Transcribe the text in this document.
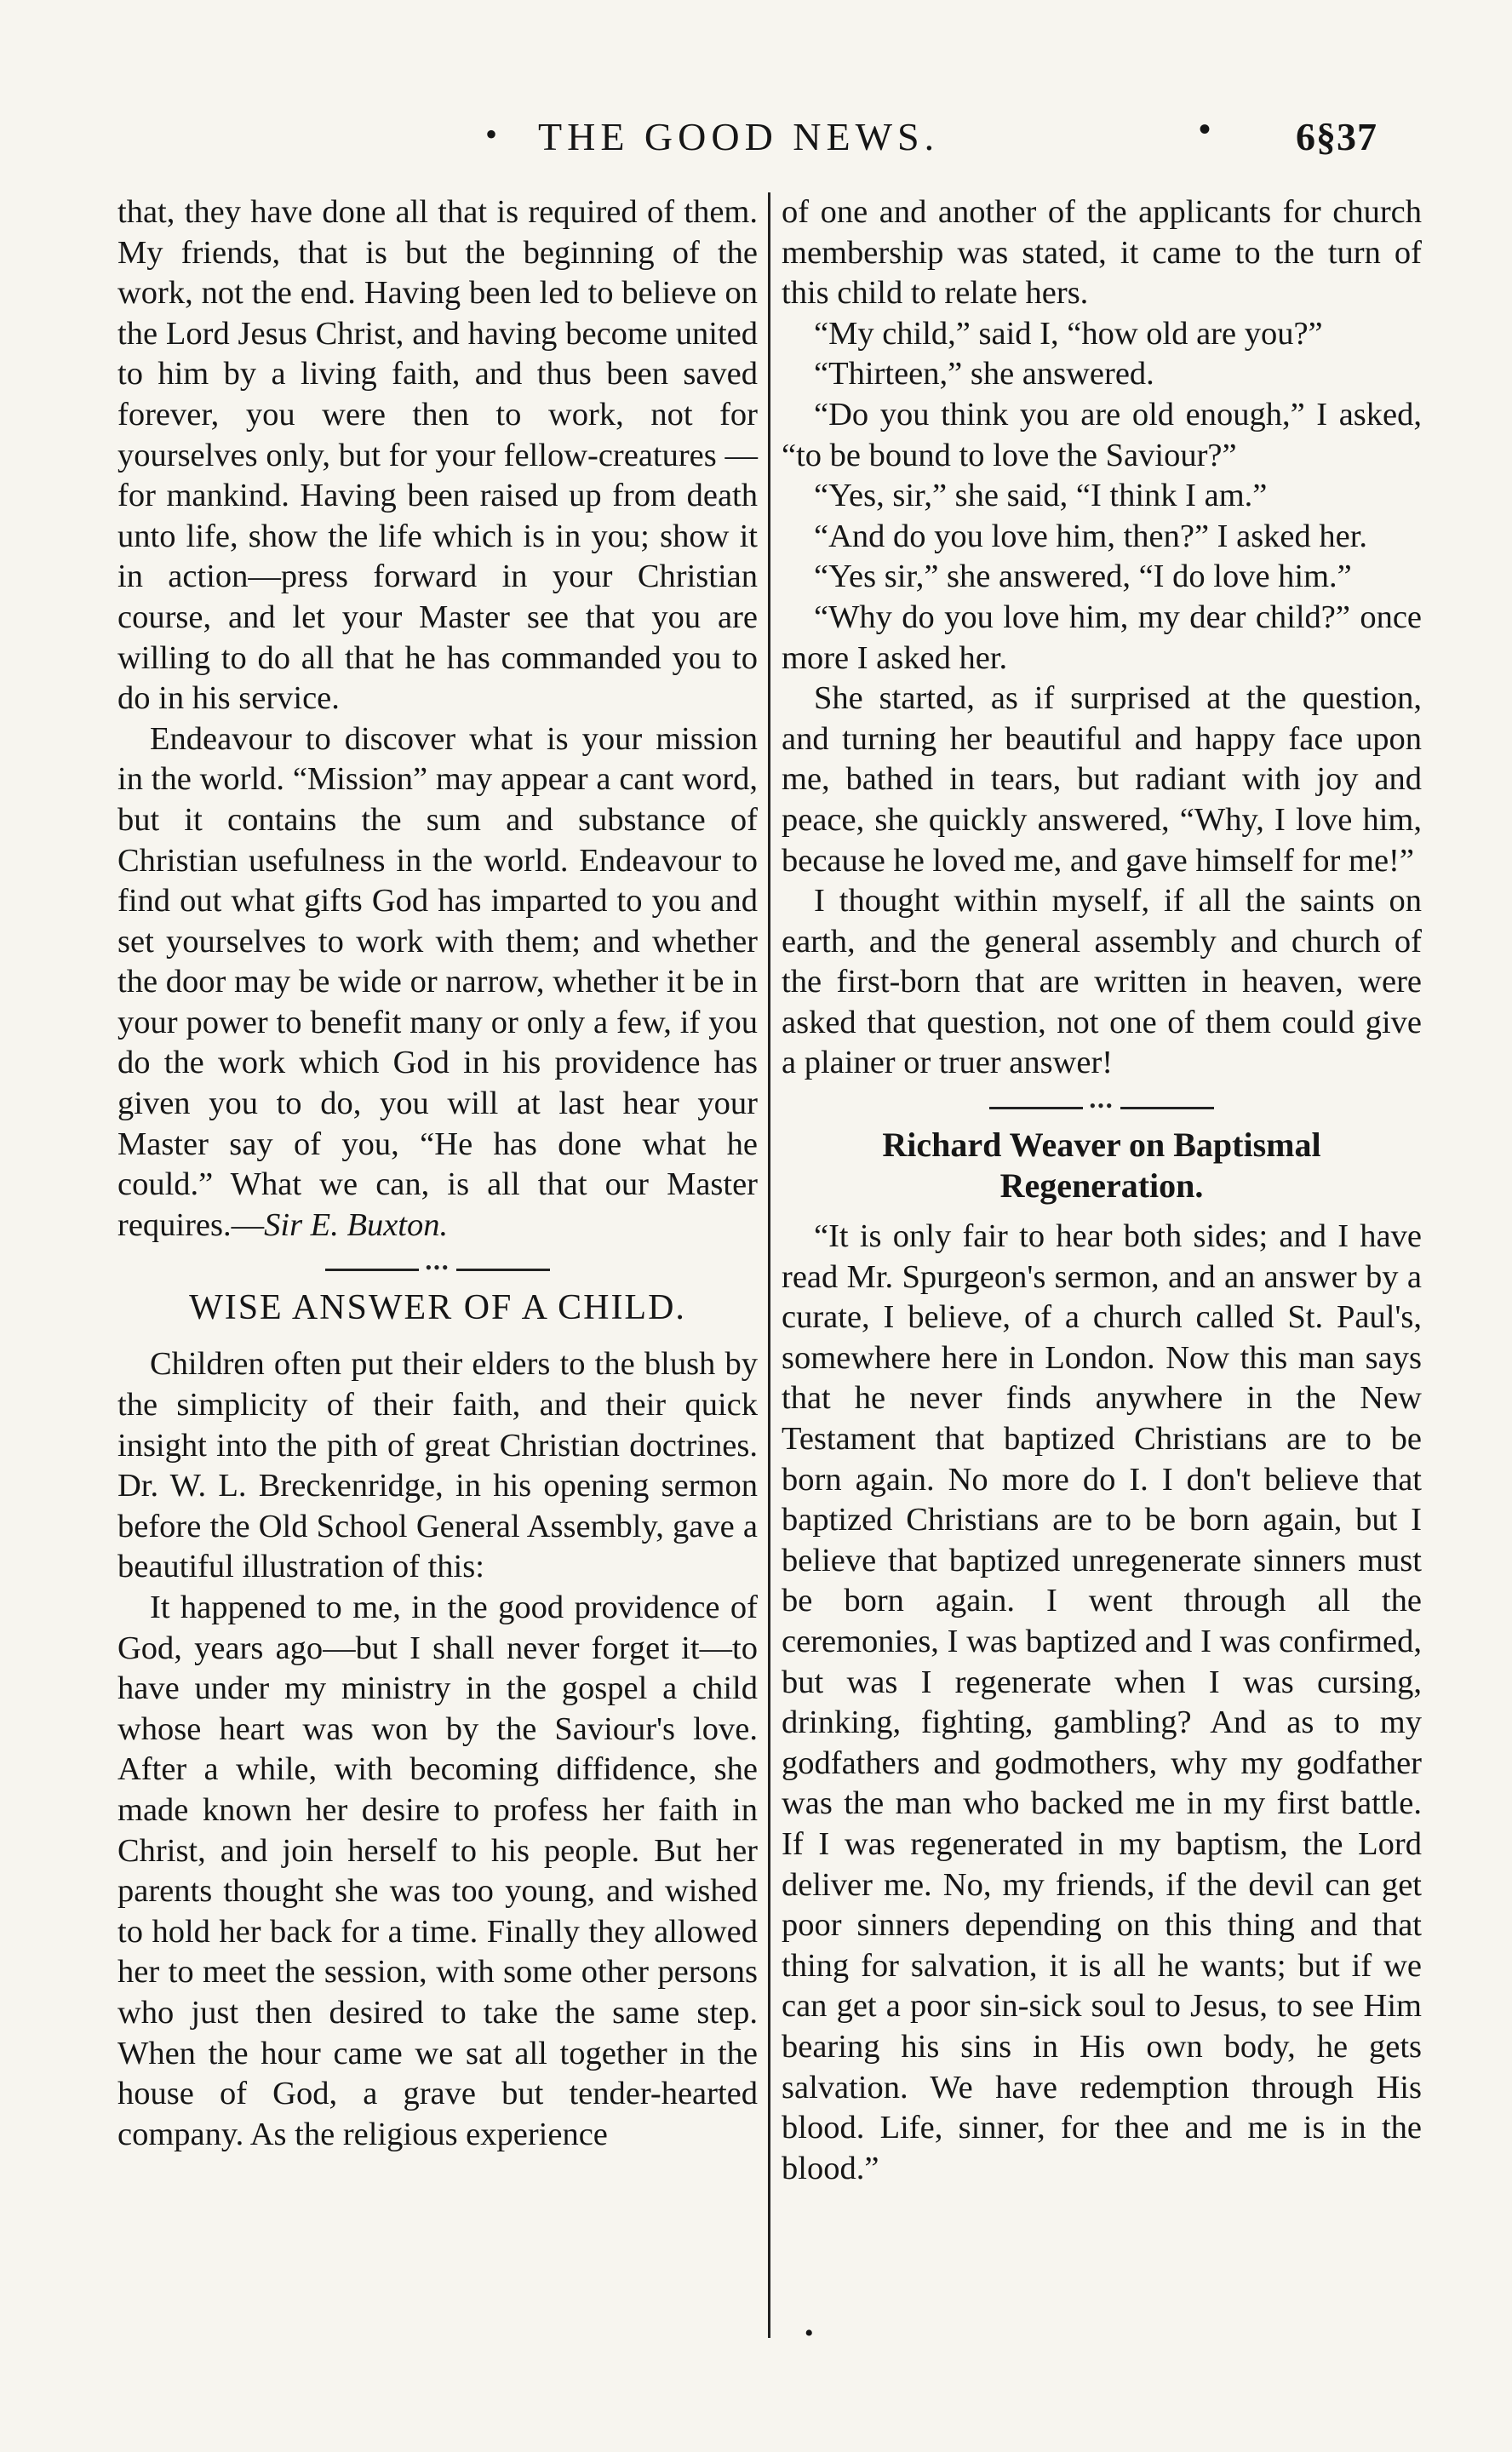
• THE GOOD NEWS.	• 6§37

that, they have done all that is required of them. My friends, that is but the beginning of the work, not the end. Having been led to believe on the Lord Jesus Christ, and having become united to him by a living faith, and thus been saved forever, you were then to work, not for yourselves only, but for your fellow-creatures —for mankind. Having been raised up from death unto life, show the life which is in you; show it in action—press forward in your Christian course, and let your Master see that you are willing to do all that he has commanded you to do in his service.

Endeavour to discover what is your mission in the world. “Mission” may appear a cant word, but it contains the sum and substance of Christian usefulness in the world. Endeavour to find out what gifts God has imparted to you and set yourselves to work with them; and whether the door may be wide or narrow, whether it be in your power to benefit many or only a few, if you do the work which God in his providence has given you to do, you will at last hear your Master say of you, “He has done what he could.” What we can, is all that our Master requires.—Sir E. Buxton.

•••
WISE ANSWER OF A CHILD.

Children often put their elders to the blush by the simplicity of their faith, and their quick insight into the pith of great Christian doctrines. Dr. W. L. Breckenridge, in his opening sermon before the Old School General Assembly, gave a beautiful illustration of this:

It happened to me, in the good providence of God, years ago—but I shall never forget it—to have under my ministry in the gospel a child whose heart was won by the Saviour's love. After a while, with becoming diffidence, she made known her desire to profess her faith in Christ, and join herself to his people. But her parents thought she was too young, and wished to hold her back for a time. Finally they allowed her to meet the session, with some other persons who just then desired to take the same step. When the hour came we sat all together in the house of God, a grave but tender-hearted company. As the religious experience

of one and another of the applicants for church membership was stated, it came to the turn of this child to relate hers.

“My child,” said I, “how old are you?”

“Thirteen,” she answered.

“Do you think you are old enough,” I asked, “to be bound to love the Saviour?”

“Yes, sir,” she said, “I think I am.”

“And do you love him, then?” I asked her.

“Yes sir,” she answered, “I do love him.”

“Why do you love him, my dear child?” once more I asked her.

She started, as if surprised at the question, and turning her beautiful and happy face upon me, bathed in tears, but radiant with joy and peace, she quickly answered, “Why, I love him, because he loved me, and gave himself for me!”

I thought within myself, if all the saints on earth, and the general assembly and church of the first-born that are written in heaven, were asked that question, not one of them could give a plainer or truer answer!

•••
Richard Weaver on Baptismal Regeneration.

“It is only fair to hear both sides; and I have read Mr. Spurgeon's sermon, and an answer by a curate, I believe, of a church called St. Paul's, somewhere here in London. Now this man says that he never finds anywhere in the New Testament that baptized Christians are to be born again. No more do I. I don't believe that baptized Christians are to be born again, but I believe that baptized unregenerate sinners must be born again. I went through all the ceremonies, I was baptized and I was confirmed, but was I regenerate when I was cursing, drinking, fighting, gambling? And as to my godfathers and godmothers, why my godfather was the man who backed me in my first battle. If I was regenerated in my baptism, the Lord deliver me. No, my friends, if the devil can get poor sinners depending on this thing and that thing for salvation, it is all he wants; but if we can get a poor sin-sick soul to Jesus, to see Him bearing his sins in His own body, he gets salvation. We have redemption through His blood. Life, sinner, for thee and me is in the blood.”

•
